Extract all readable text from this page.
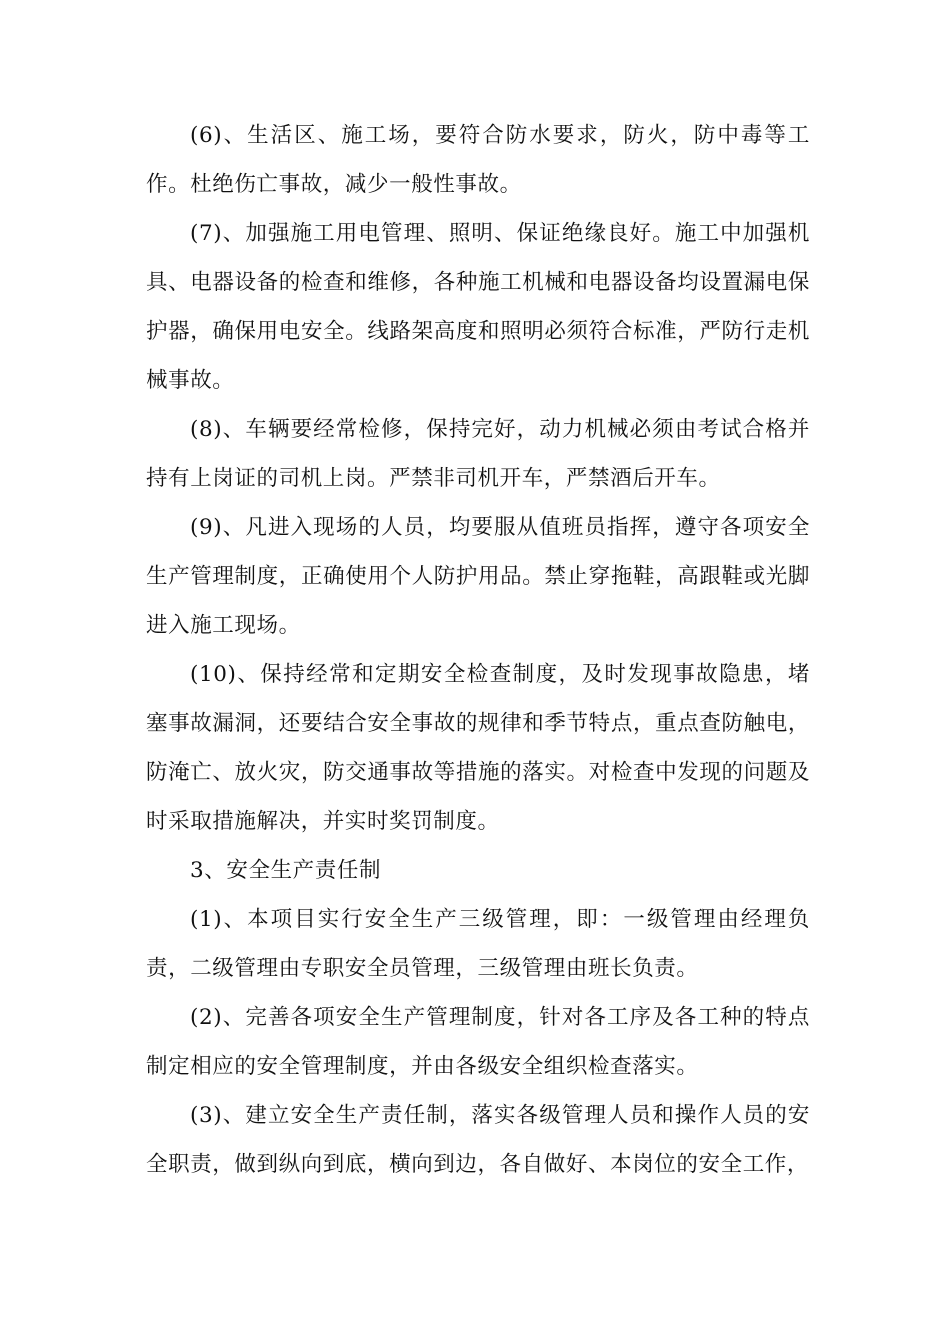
(6)、生活区、施工场，要符合防水要求，防火，防中毒等工作。杜绝伤亡事故，减少一般性事故。

(7)、加强施工用电管理、照明、保证绝缘良好。施工中加强机具、电器设备的检查和维修，各种施工机械和电器设备均设置漏电保护器，确保用电安全。线路架高度和照明必须符合标准，严防行走机械事故。

(8)、车辆要经常检修，保持完好，动力机械必须由考试合格并持有上岗证的司机上岗。严禁非司机开车，严禁酒后开车。

(9)、凡进入现场的人员，均要服从值班员指挥，遵守各项安全生产管理制度，正确使用个人防护用品。禁止穿拖鞋，高跟鞋或光脚进入施工现场。

(10)、保持经常和定期安全检查制度，及时发现事故隐患，堵塞事故漏洞，还要结合安全事故的规律和季节特点，重点查防触电，防淹亡、放火灾，防交通事故等措施的落实。对检查中发现的问题及时采取措施解决，并实时奖罚制度。

3、安全生产责任制

(1)、本项目实行安全生产三级管理，即：一级管理由经理负责，二级管理由专职安全员管理，三级管理由班长负责。

(2)、完善各项安全生产管理制度，针对各工序及各工种的特点制定相应的安全管理制度，并由各级安全组织检查落实。

(3)、建立安全生产责任制，落实各级管理人员和操作人员的安全职责，做到纵向到底，横向到边，各自做好、本岗位的安全工作，
